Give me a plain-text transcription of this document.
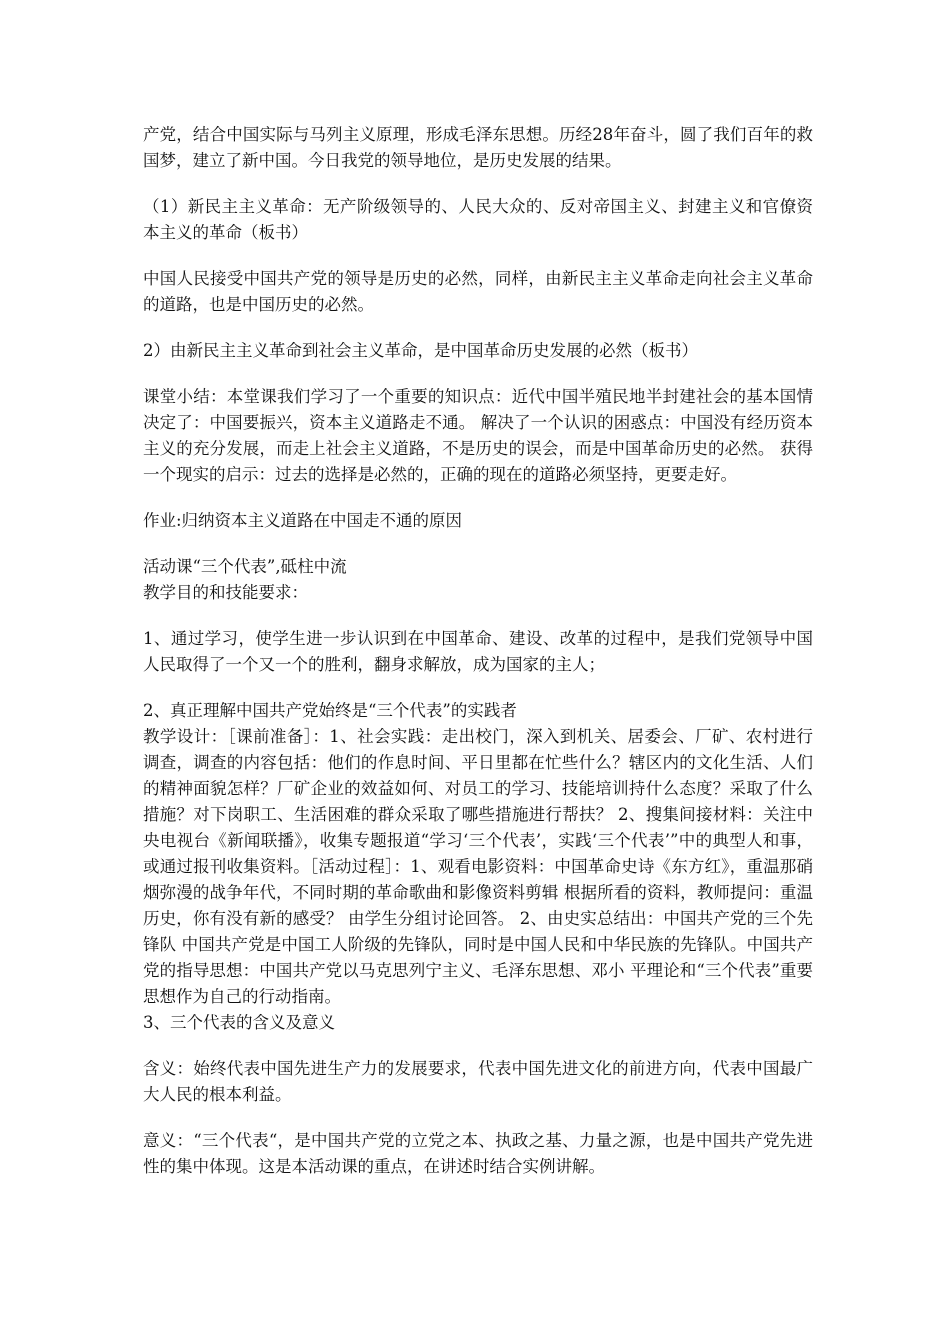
产党，结合中国实际与马列主义原理，形成毛泽东思想。历经28年奋斗，圆了我们百年的救国梦，建立了新中国。今日我党的领导地位，是历史发展的结果。

（1）新民主主义革命：无产阶级领导的、人民大众的、反对帝国主义、封建主义和官僚资本主义的革命（板书）

中国人民接受中国共产党的领导是历史的必然，同样，由新民主主义革命走向社会主义革命的道路，也是中国历史的必然。

2）由新民主主义革命到社会主义革命，是中国革命历史发展的必然（板书）

课堂小结：本堂课我们学习了一个重要的知识点：近代中国半殖民地半封建社会的基本国情决定了：中国要振兴，资本主义道路走不通。 解决了一个认识的困惑点：中国没有经历资本主义的充分发展，而走上社会主义道路，不是历史的误会，而是中国革命历史的必然。 获得一个现实的启示：过去的选择是必然的，正确的现在的道路必须坚持，更要走好。

作业:归纳资本主义道路在中国走不通的原因

活动课“三个代表”,砥柱中流

教学目的和技能要求：

1、通过学习，使学生进一步认识到在中国革命、建设、改革的过程中，是我们党领导中国人民取得了一个又一个的胜利，翻身求解放，成为国家的主人；

2、真正理解中国共产党始终是“三个代表”的实践者

教学设计：［课前准备］：1、社会实践：走出校门，深入到机关、居委会、厂矿、农村进行调查，调查的内容包括：他们的作息时间、平日里都在忙些什么？辖区内的文化生活、人们的精神面貌怎样？厂矿企业的效益如何、对员工的学习、技能培训持什么态度？采取了什么措施？对下岗职工、生活困难的群众采取了哪些措施进行帮扶？ 2、搜集间接材料：关注中央电视台《新闻联播》，收集专题报道“学习‘三个代表’，实践‘三个代表’”中的典型人和事，或通过报刊收集资料。［活动过程］：1、观看电影资料：中国革命史诗《东方红》，重温那硝烟弥漫的战争年代，不同时期的革命歌曲和影像资料剪辑 根据所看的资料，教师提问：重温历史，你有没有新的感受？ 由学生分组讨论回答。 2、由史实总结出：中国共产党的三个先锋队 中国共产党是中国工人阶级的先锋队，同时是中国人民和中华民族的先锋队。中国共产党的指导思想：中国共产党以马克思列宁主义、毛泽东思想、邓小 平理论和“三个代表”重要思想作为自己的行动指南。

3、三个代表的含义及意义

含义：始终代表中国先进生产力的发展要求，代表中国先进文化的前进方向，代表中国最广大人民的根本利益。

意义：“三个代表“，是中国共产党的立党之本、执政之基、力量之源，也是中国共产党先进性的集中体现。这是本活动课的重点，在讲述时结合实例讲解。
